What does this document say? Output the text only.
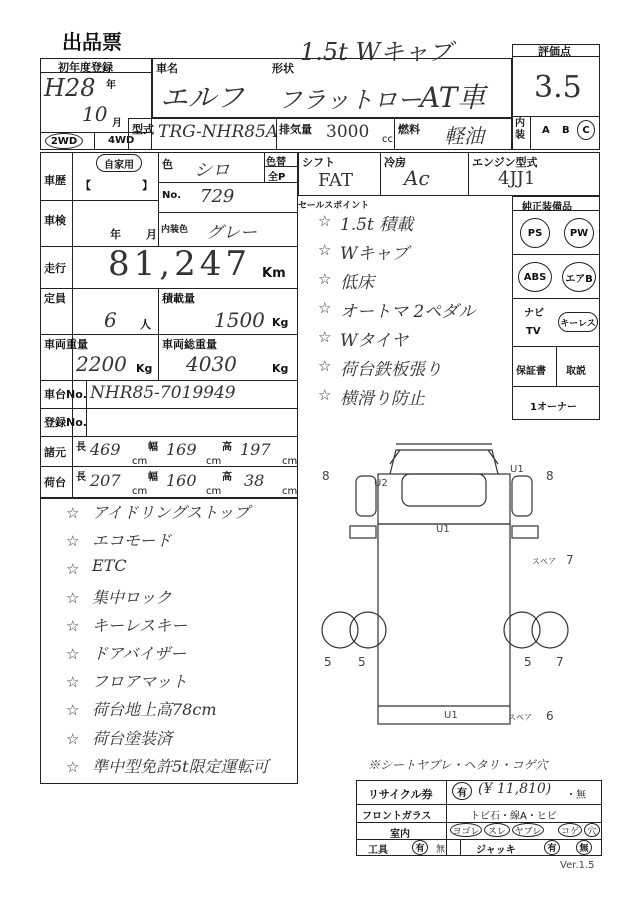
出品票
初年度登録
H28 年
10 月
2WD	4WD
車名	形状
1.5t Wキャブ
エルフ フラットロー
AT車
評価点
3.5
内装 A B	C
型式 TRG-NHR85A 排気量 3000 cc
燃料 軽油
車歴
自家用
【	】
色 シロ	色替
全P
No. 729
内装色 グレー
車検
年 月
走行 81,247 Km
定員
6 人
積載量
1500 Kg
車両重量
2200 Kg
車両総重量
4030	Kg
車台No. NHR85-7019949
登録No.
諸元 長 469
cm
幅 169
cm
高 197
cm
荷台 長 207
cm
幅 160
cm
高 38
cm
シフト
FAT
冷房
Ac
エンジン型式
4JJ1
セールスポイント
☆ 1.5t 積載
☆ Wキャブ
☆ 低床
☆ オートマ 2ペダル
☆ Wタイヤ
☆ 荷台鉄板張り
☆ 横滑り防止
純正装備品
PS	PW
ABS	エアB
ナビ
TV
キーレス
保証書 取説
1オーナー
☆ アイドリングストップ
☆ エコモード
☆ ETC
☆ 集中ロック
☆ キーレスキー
☆ ドアバイザー
☆ フロアマット
☆ 荷台地上高78cm
☆ 荷台塗装済
☆ 準中型免許5t限定運転可
U1
U1
U1
U2
8	8
5 5	5 7
スペア 7
スペア 6
※シートヤブレ・ヘタリ・コゲ穴
リサイクル券	有 (¥ 11,810) ・無
フロントガラス	トビ石・線A・ヒビ
室内	ヨゴレ スレ ヤブレ	コゲ 穴
工具	有	無	ジャッキ	有	無
Ver.1.5
